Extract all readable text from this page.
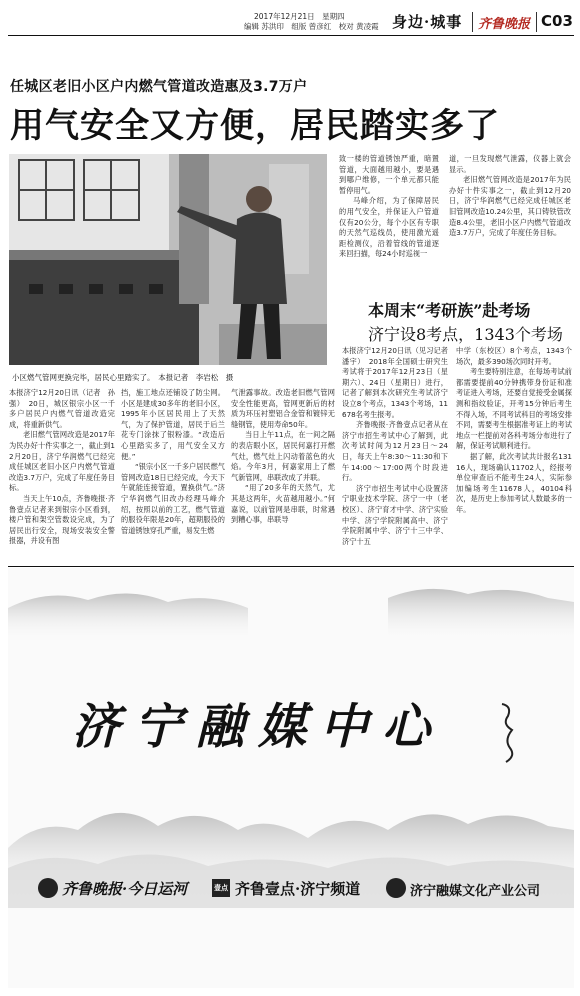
2017年12月21日　星期四
编辑 苏洪印　组版 曾彦红　校对 黄凌霞 身边·城事 齐鲁晚报 C03
任城区老旧小区户内燃气管道改造惠及3.7万户
用气安全又方便，居民踏实多了
小区燃气管网更换完毕，居民心里踏实了。　本报记者　李岩松　摄

致一楼的管道锈蚀严重，暗置管道，大面越用越小，要是遇到哪户维修，一个单元都只能暂停用气。

马峰介绍，为了保障居民的用气安全，并保证入户管道仅有20公分，每个小区有专职的天然气巡线员，使用激光遥距检测仪，沿着管线的管道逐来回扫描，每24小时巡视一

道，一旦发现燃气泄露，仪器上就会显示。

老旧燃气管网改造是2017年为民办好十件实事之一，截止到12月20日，济宁华润燃气已经完成任城区老旧管网改造10.24公里，其口铸铁管改造8.4公里，老旧小区户内燃气管道改造3.7万户，完成了年度任务目标。

本周末“考研族”赴考场
济宁设8考点，1343个考场

本报济宁12月20日讯（记者　孙强）　20日，城区银宗小区一千多户居民户内燃气管道改造完成，将重新供气。

老旧燃气管网改造是2017年为民办好十件实事之一，截止到12月20日，济宁华润燃气已经完成任城区老旧小区户内燃气管道改造3.7万户，完成了年度任务目标。

当天上午10点，齐鲁晚报·齐鲁壹点记者来到银宗小区看到，楼户管和架空管数设完成，为了居民出行安全，现场安装安全警报器，并设有图

挡，施工地点还铺设了防尘网。小区是建成30多年的老旧小区，1995年小区居民用上了天然气，为了保护管道，居民于后兰花专门涂抹了银粉漆。“改造后心里踏实多了，用气安全又方便。”

“银宗小区一千多户居民燃气管网改造18日已经完成，今天下午就能连接管道，置换供气。”济宁华润燃气旧改办经理马峰介绍，按照以前的工艺，燃气管道的服役年限是20年，超期服役的管道锈蚀穿孔严重，易发生燃

气泄露事故。改造老旧燃气管网安全性能更高，管网更新后的材质为环压衬塑铝合金管和镀锌无缝钢管，使用寿命50年。

当日上午11点，在一间之隔的表店眼小区，居民何嘉打开燃气灶，燃气灶上闪动着蓝色的火焰。今年3月，何嘉家用上了燃气新管网，串联改成了并联。

“用了20多年的天然气，尤其是这两年，火苗越用越小。”何嘉说，以前管网是串联，时常遇到糟心事，串联导

本报济宁12月20日讯（见习记者　潘宇）　2018年全国硕士研究生考试将于2017年12月23日（星期六）、24日（星期日）进行，记者了解到本次研究生考试济宁设立8个考点，1343个考场，11678名考生报考。

齐鲁晚报·齐鲁壹点记者从在济宁市招生考试中心了解到，此次考试时间为12月23日～24日，每天上午8:30～11:30和下午14:00～17:00两个时段进行。

济宁市招生考试中心设置济宁职业技术学院、济宁一中（老校区）、济宁育才中学、济宁实验中学、济宁学院附属高中、济宁学院附属中学、济宁十三中学、济宁十五

中学（东校区）8个考点，1343个场次，最多390场次同时开考。

考生要特别注意，在每场考试前都需要提前40分钟携带身份证和准考证进入考场，还要自觉接受金属探测和指纹验证，开考15分钟后考生不得入场，不同考试科目的考场安排不同，需要考生根据准考证上的考试地点一栏提前对各科考场分布进行了解，保证考试顺利进行。

据了解，此次考试共计报名13116人，现场确认11702人，经报考单位审查后不能考生24人，实际参加编场考生11678人，40104科次，是历史上参加考试人数最多的一年。

济宁融媒中心
齐鲁晚报·今日运河	壹点 齐鲁壹点·济宁频道	济宁融媒文化产业公司
